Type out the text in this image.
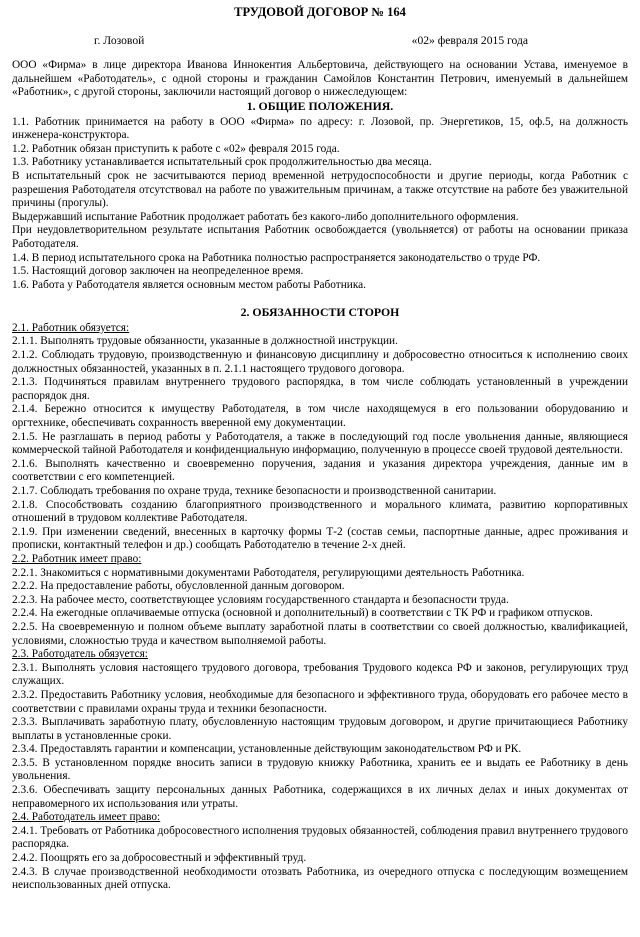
ТРУДОВОЙ ДОГОВОР № 164
г. Лозовой	«02» февраля 2015 года

ООО «Фирма» в лице директора Иванова Иннокентия Альбертовича, действующего на основании Устава, именуемое в дальнейшем «Работодатель», с одной стороны и гражданин Самойлов Константин Петрович, именуемый в дальнейшем «Работник», с другой стороны, заключили настоящий договор о нижеследующем:

1. ОБЩИЕ ПОЛОЖЕНИЯ.

1.1. Работник принимается на работу в ООО «Фирма» по адресу: г. Лозовой, пр. Энергетиков, 15, оф.5, на должность инженера-конструктора.

1.2. Работник обязан приступить к работе с «02» февраля 2015 года.

1.3. Работнику устанавливается испытательный срок продолжительностью два месяца.

В испытательный срок не засчитываются период временной нетрудоспособности и другие периоды, когда Работник с разрешения Работодателя отсутствовал на работе по уважительным причинам, а также отсутствие на работе без уважительной причины (прогулы).

Выдержавший испытание Работник продолжает работать без какого-либо дополнительного оформления.

При неудовлетворительном результате испытания Работник освобождается (увольняется) от работы на основании приказа Работодателя.

1.4. В период испытательного срока на Работника полностью распространяется законодательство о труде РФ.

1.5. Настоящий договор заключен на неопределенное время.

1.6. Работа у Работодателя является основным местом работы Работника.

2. ОБЯЗАННОСТИ СТОРОН

2.1. Работник обязуется:

2.1.1. Выполнять трудовые обязанности, указанные в должностной инструкции.

2.1.2. Соблюдать трудовую, производственную и финансовую дисциплину и добросовестно относиться к исполнению своих должностных обязанностей, указанных в п. 2.1.1 настоящего трудового договора.

2.1.3. Подчиняться правилам внутреннего трудового распорядка, в том числе соблюдать установленный в учреждении распорядок дня.

2.1.4. Бережно относится к имуществу Работодателя, в том числе находящемуся в его пользовании оборудованию и оргтехнике, обеспечивать сохранность вверенной ему документации.

2.1.5. Не разглашать в период работы у Работодателя, а также в последующий год после увольнения данные, являющиеся коммерческой тайной Работодателя и конфиденциальную информацию, полученную в процессе своей трудовой деятельности.

2.1.6. Выполнять качественно и своевременно поручения, задания и указания директора учреждения, данные им в соответствии с его компетенцией.

2.1.7. Соблюдать требования по охране труда, технике безопасности и производственной санитарии.

2.1.8. Способствовать созданию благоприятного производственного и морального климата, развитию корпоративных отношений в трудовом коллективе Работодателя.

2.1.9. При изменении сведений, внесенных в карточку формы Т-2 (состав семьи, паспортные данные, адрес проживания и прописки, контактный телефон и др.) сообщать Работодателю в течение 2-х дней.

2.2. Работник имеет право:

2.2.1. Знакомиться с нормативными документами Работодателя, регулирующими деятельность Работника.

2.2.2. На предоставление работы, обусловленной данным договором.

2.2.3. На рабочее место, соответствующее условиям государственного стандарта и безопасности труда.

2.2.4. На ежегодные оплачиваемые отпуска (основной и дополнительный) в соответствии с ТК РФ и графиком отпусков.

2.2.5. На своевременную и полном объеме выплату заработной платы в соответствии со своей должностью, квалификацией, условиями, сложностью труда и качеством выполняемой работы.

2.3. Работодатель обязуется:

2.3.1. Выполнять условия настоящего трудового договора, требования Трудового кодекса РФ и законов, регулирующих труд служащих.

2.3.2. Предоставить Работнику условия, необходимые для безопасного и эффективного труда, оборудовать его рабочее место в соответствии с правилами охраны труда и техники безопасности.

2.3.3. Выплачивать заработную плату, обусловленную настоящим трудовым договором, и другие причитающиеся Работнику выплаты в установленные сроки.

2.3.4. Предоставлять гарантии и компенсации, установленные действующим законодательством РФ и РК.

2.3.5. В установленном порядке вносить записи в трудовую книжку Работника, хранить ее и выдать ее Работнику в день увольнения.

2.3.6. Обеспечивать защиту персональных данных Работника, содержащихся в их личных делах и иных документах от неправомерного их использования или утраты.

2.4. Работодатель имеет право:

2.4.1. Требовать от Работника добросовестного исполнения трудовых обязанностей, соблюдения правил внутреннего трудового распорядка.

2.4.2. Поощрять его за добросовестный и эффективный труд.

2.4.3. В случае производственной необходимости отозвать Работника, из очередного отпуска с последующим возмещением неиспользованных дней отпуска.
